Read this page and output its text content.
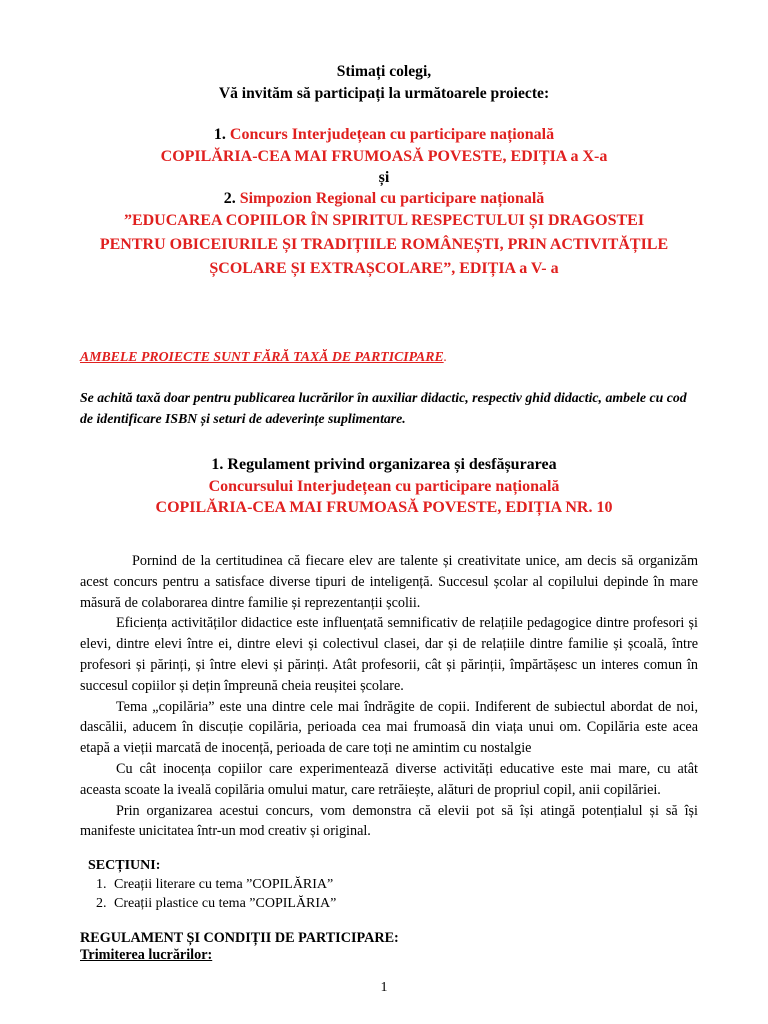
Stimați colegi,
Vă invităm să participați la următoarele proiecte:
1. Concurs Interjudețean cu participare națională
COPILĂRIA-CEA MAI FRUMOASĂ POVESTE, EDIȚIA a X-a
și
2. Simpozion Regional cu participare națională
”EDUCAREA COPIILOR ÎN SPIRITUL RESPECTULUI ȘI DRAGOSTEI
PENTRU OBICEIURILE ȘI TRADIȚIILE ROMÂNEȘTI, PRIN ACTIVITĂȚILE
ȘCOLARE ȘI EXTRAȘCOLARE”, EDIȚIA a V- a
AMBELE PROIECTE SUNT FĂRĂ TAXĂ DE PARTICIPARE.
Se achită taxă doar pentru publicarea lucrărilor în auxiliar didactic, respectiv ghid didactic, ambele cu cod de identificare ISBN și seturi de adeverințe suplimentare.
1. Regulament privind organizarea și desfășurarea
Concursului Interjudețean cu participare națională
COPILĂRIA-CEA MAI FRUMOASĂ POVESTE, EDIȚIA NR. 10

Pornind de la certitudinea că fiecare elev are talente și creativitate unice, am decis să organizăm acest concurs pentru a satisface diverse tipuri de inteligență. Succesul școlar al copilului depinde în mare măsură de colaborarea dintre familie și reprezentanții școlii.

Eficiența activităților didactice este influențată semnificativ de relațiile pedagogice dintre profesori și elevi, dintre elevi între ei, dintre elevi și colectivul clasei, dar și de relațiile dintre familie și școală, între profesori și părinți, și între elevi și părinți. Atât profesorii, cât și părinții, împărtășesc un interes comun în succesul copiilor și dețin împreună cheia reușitei școlare.

Tema „copilăria” este una dintre cele mai îndrăgite de copii. Indiferent de subiectul abordat de noi, dascălii, aducem în discuție copilăria, perioada cea mai frumoasă din viața unui om. Copilăria este acea etapă a vieții marcată de inocență, perioada de care toți ne amintim cu nostalgie

Cu cât inocența copiilor care experimentează diverse activități educative este mai mare, cu atât aceasta scoate la iveală copilăria omului matur, care retrăiește, alături de propriul copil, anii copilăriei.

Prin organizarea acestui concurs, vom demonstra că elevii pot să își atingă potențialul și să își manifeste unicitatea într-un mod creativ și original.

SECȚIUNI:
1. Creații literare cu tema ”COPILĂRIA”
2. Creații plastice cu tema ”COPILĂRIA”
REGULAMENT ȘI CONDIȚII DE PARTICIPARE:
Trimiterea lucrărilor:
1
